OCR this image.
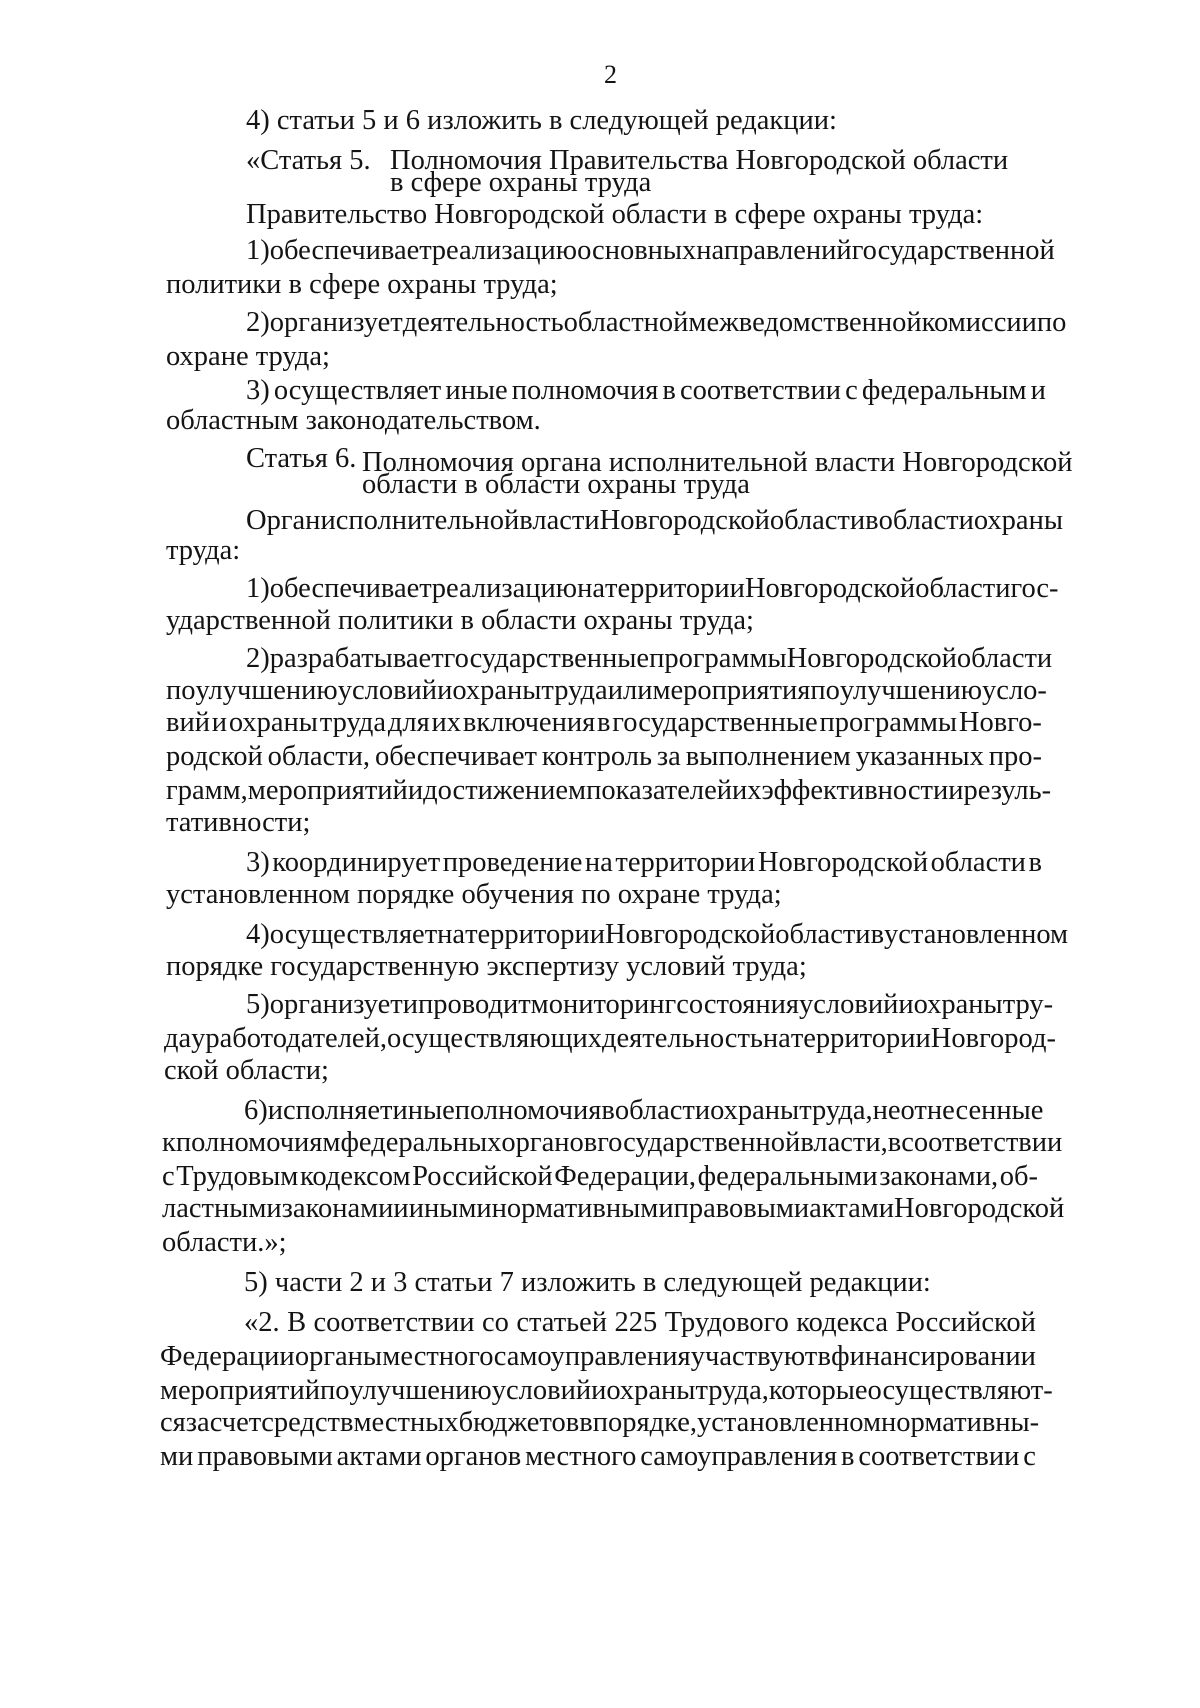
2
4) статьи 5 и 6 изложить в следующей редакции:
«Статья 5. Полномочия Правительства Новгородской области
в сфере охраны труда
Правительство Новгородской области в сфере охраны труда:
1) обеспечивает реализацию основных направлений государственной
политики в сфере охраны труда;
2) организует деятельность областной межведомственной комиссии по
охране труда;
3) осуществляет иные полномочия в соответствии с федеральным и
областным законодательством.
Статья 6. Полномочия органа исполнительной власти Новгородской
области в области охраны труда
Орган исполнительной власти Новгородской области в области охраны
труда:
1) обеспечивает реализацию на территории Новгородской области гос-
ударственной политики в области охраны труда;
2) разрабатывает государственные программы Новгородской области
по улучшению условий и охраны труда или мероприятия по улучшению усло-
вий и охраны труда для их включения в государственные программы Новго-
родской области, обеспечивает контроль за выполнением указанных про-
грамм, мероприятий и достижением показателей их эффективности и резуль-
тативности;
3) координирует проведение на территории Новгородской области в
установленном порядке обучения по охране труда;
4) осуществляет на территории Новгородской области в установленном
порядке государственную экспертизу условий труда;
5) организует и проводит мониторинг состояния условий и охраны тру-
да у работодателей, осуществляющих деятельность на территории Новгород-
ской области;
6) исполняет иные полномочия в области охраны труда, не отнесенные
к полномочиям федеральных органов государственной власти, в соответствии
с Трудовым кодексом Российской Федерации, федеральными законами, об-
ластными законами и иными нормативными правовыми актами Новгородской
области.»;
5) части 2 и 3 статьи 7 изложить в следующей редакции:
«2. В соответствии со статьей 225 Трудового кодекса Российской
Федерации органы местного самоуправления участвуют в финансировании
мероприятий по улучшению условий и охраны труда, которые осуществляют-
ся за счет средств местных бюджетов в порядке, установленном нормативны-
ми правовыми актами органов местного самоуправления в соответствии с
